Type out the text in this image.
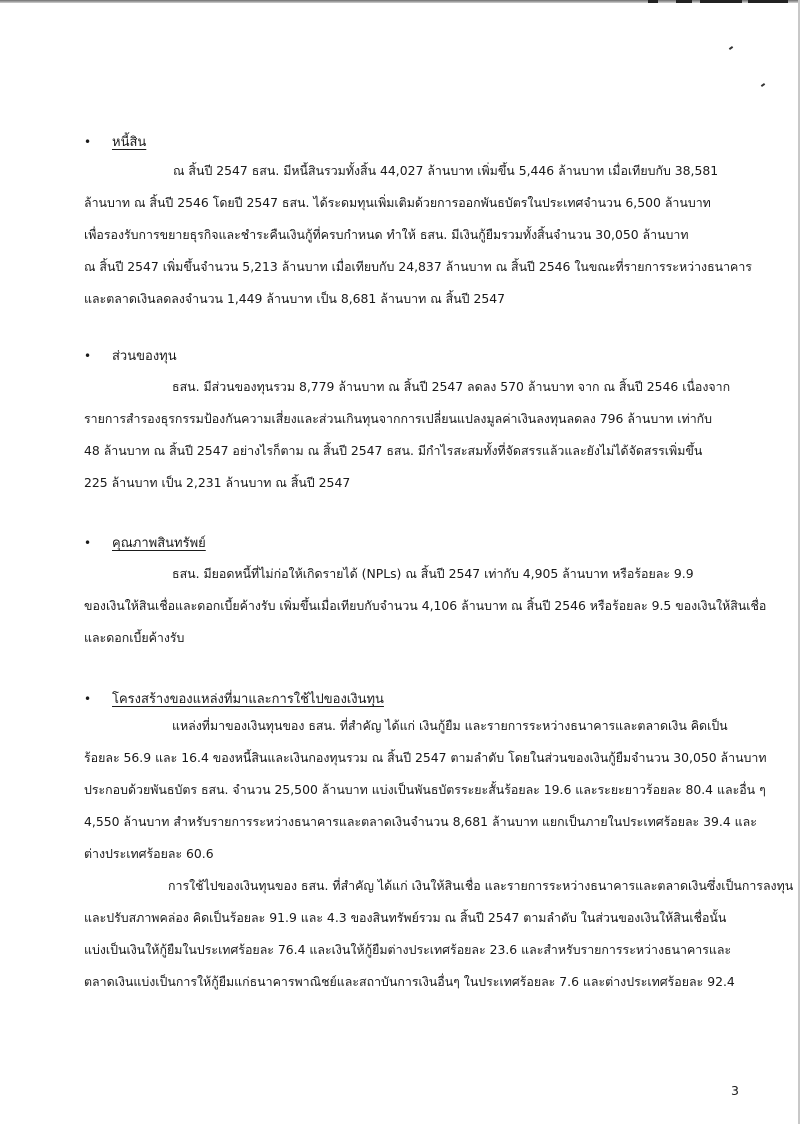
• หนี้สิน
ณ สิ้นปี 2547 ธสน. มีหนี้สินรวมทั้งสิ้น 44,027 ล้านบาท เพิ่มขึ้น 5,446 ล้านบาท เมื่อเทียบกับ 38,581
ล้านบาท ณ สิ้นปี 2546 โดยปี 2547 ธสน. ได้ระดมทุนเพิ่มเติมด้วยการออกพันธบัตรในประเทศจำนวน 6,500 ล้านบาท
เพื่อรองรับการขยายธุรกิจและชำระคืนเงินกู้ที่ครบกำหนด ทำให้ ธสน. มีเงินกู้ยืมรวมทั้งสิ้นจำนวน 30,050 ล้านบาท
ณ สิ้นปี 2547 เพิ่มขึ้นจำนวน 5,213 ล้านบาท เมื่อเทียบกับ 24,837 ล้านบาท ณ สิ้นปี 2546 ในขณะที่รายการระหว่างธนาคาร
และตลาดเงินลดลงจำนวน 1,449 ล้านบาท เป็น 8,681 ล้านบาท ณ สิ้นปี 2547
• ส่วนของทุน
ธสน. มีส่วนของทุนรวม 8,779 ล้านบาท ณ สิ้นปี 2547 ลดลง 570 ล้านบาท จาก ณ สิ้นปี 2546 เนื่องจาก
รายการสำรองธุรกรรมป้องกันความเสี่ยงและส่วนเกินทุนจากการเปลี่ยนแปลงมูลค่าเงินลงทุนลดลง 796 ล้านบาท เท่ากับ
48 ล้านบาท ณ สิ้นปี 2547 อย่างไรก็ตาม ณ สิ้นปี 2547 ธสน. มีกำไรสะสมทั้งที่จัดสรรแล้วและยังไม่ได้จัดสรรเพิ่มขึ้น
225 ล้านบาท เป็น 2,231 ล้านบาท ณ สิ้นปี 2547
• คุณภาพสินทรัพย์
ธสน. มียอดหนี้ที่ไม่ก่อให้เกิดรายได้ (NPLs) ณ สิ้นปี 2547 เท่ากับ 4,905 ล้านบาท หรือร้อยละ 9.9
ของเงินให้สินเชื่อและดอกเบี้ยค้างรับ เพิ่มขึ้นเมื่อเทียบกับจำนวน 4,106 ล้านบาท ณ สิ้นปี 2546 หรือร้อยละ 9.5 ของเงินให้สินเชื่อ
และดอกเบี้ยค้างรับ
• โครงสร้างของแหล่งที่มาและการใช้ไปของเงินทุน
แหล่งที่มาของเงินทุนของ ธสน. ที่สำคัญ ได้แก่ เงินกู้ยืม และรายการระหว่างธนาคารและตลาดเงิน คิดเป็น
ร้อยละ 56.9 และ 16.4 ของหนี้สินและเงินกองทุนรวม ณ สิ้นปี 2547 ตามลำดับ โดยในส่วนของเงินกู้ยืมจำนวน 30,050 ล้านบาท
ประกอบด้วยพันธบัตร ธสน. จำนวน 25,500 ล้านบาท แบ่งเป็นพันธบัตรระยะสั้นร้อยละ 19.6 และระยะยาวร้อยละ 80.4 และอื่น ๆ
4,550 ล้านบาท สำหรับรายการระหว่างธนาคารและตลาดเงินจำนวน 8,681 ล้านบาท แยกเป็นภายในประเทศร้อยละ 39.4 และ
ต่างประเทศร้อยละ 60.6
การใช้ไปของเงินทุนของ ธสน. ที่สำคัญ ได้แก่ เงินให้สินเชื่อ และรายการระหว่างธนาคารและตลาดเงินซึ่งเป็นการลงทุน
และปรับสภาพคล่อง คิดเป็นร้อยละ 91.9 และ 4.3 ของสินทรัพย์รวม ณ สิ้นปี 2547 ตามลำดับ ในส่วนของเงินให้สินเชื่อนั้น
แบ่งเป็นเงินให้กู้ยืมในประเทศร้อยละ 76.4 และเงินให้กู้ยืมต่างประเทศร้อยละ 23.6 และสำหรับรายการระหว่างธนาคารและ
ตลาดเงินแบ่งเป็นการให้กู้ยืมแก่ธนาคารพาณิชย์และสถาบันการเงินอื่นๆ ในประเทศร้อยละ 7.6 และต่างประเทศร้อยละ 92.4
3
